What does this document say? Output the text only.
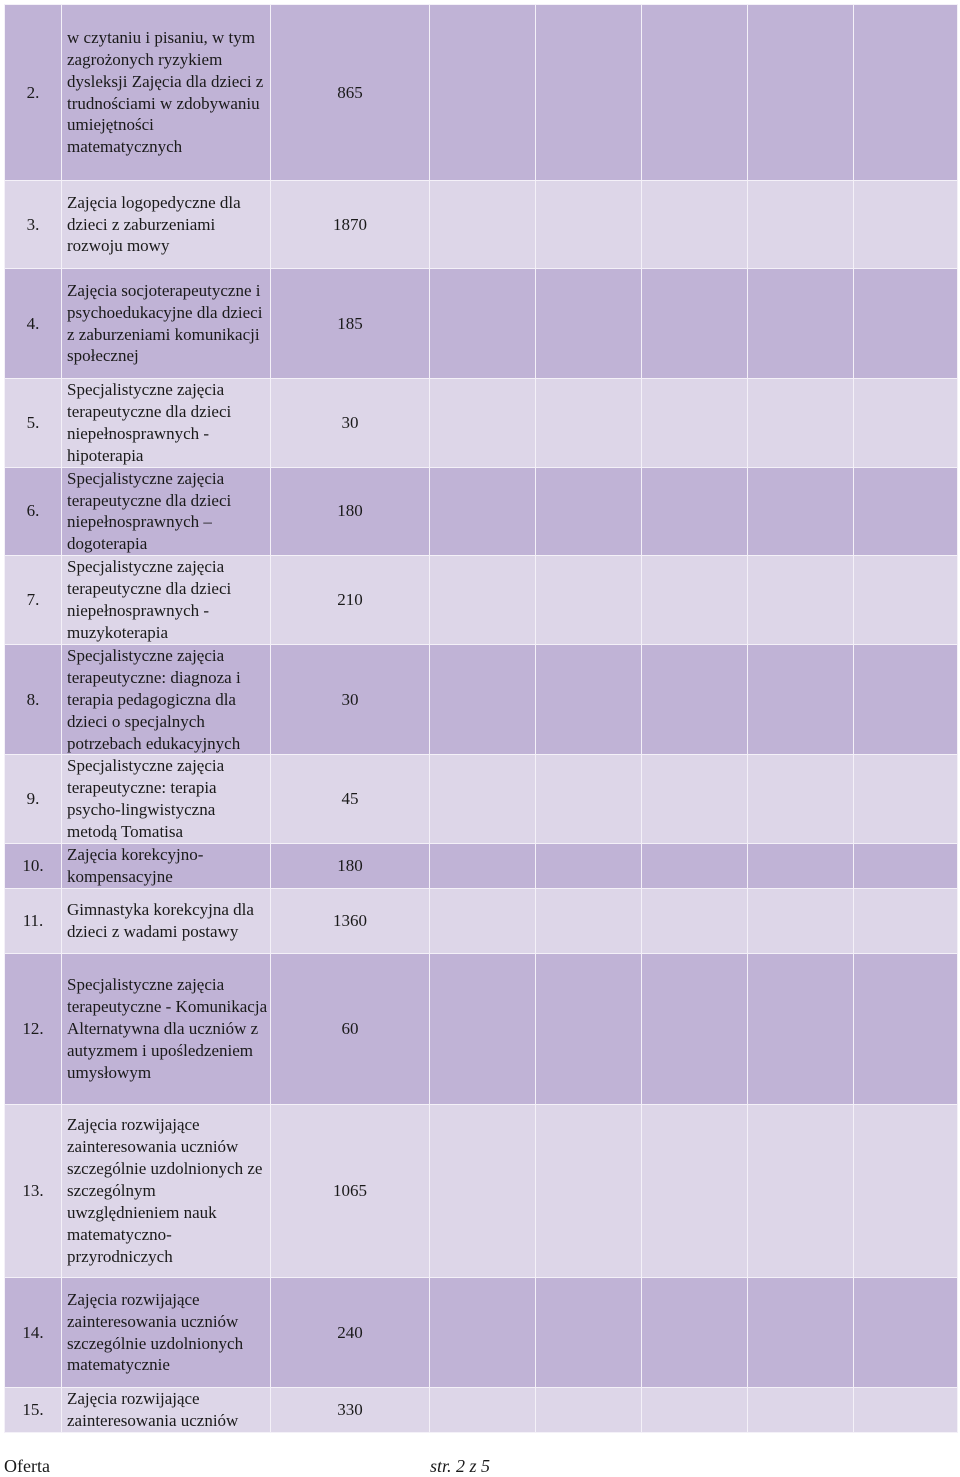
2.	w czytaniu i pisaniu, w tym zagrożonych ryzykiem dysleksji Zajęcia dla dzieci z trudnościami w zdobywaniu umiejętności matematycznych	865					
3.	Zajęcia logopedyczne dla dzieci z zaburzeniami rozwoju mowy	1870					
4.	Zajęcia socjoterapeutyczne i psychoedukacyjne dla dzieci z zaburzeniami komunikacji społecznej	185					
5.	Specjalistyczne zajęcia terapeutyczne dla dzieci niepełnosprawnych - hipoterapia	30					
6.	Specjalistyczne zajęcia terapeutyczne dla dzieci niepełnosprawnych – dogoterapia	180					
7.	Specjalistyczne zajęcia terapeutyczne dla dzieci niepełnosprawnych - muzykoterapia	210					
8.	Specjalistyczne zajęcia terapeutyczne: diagnoza i terapia pedagogiczna dla dzieci o specjalnych potrzebach edukacyjnych	30					
9.	Specjalistyczne zajęcia terapeutyczne: terapia psycho-lingwistyczna metodą Tomatisa	45					
10.	Zajęcia korekcyjno-kompensacyjne	180					
11.	Gimnastyka korekcyjna dla dzieci z wadami postawy	1360					
12.	Specjalistyczne zajęcia terapeutyczne - Komunikacja Alternatywna dla uczniów z autyzmem i upośledzeniem umysłowym	60					
13.	Zajęcia rozwijające zainteresowania uczniów szczególnie uzdolnionych ze szczególnym uwzględnieniem nauk matematyczno-przyrodniczych	1065					
14.	Zajęcia rozwijające zainteresowania uczniów szczególnie uzdolnionych matematycznie	240					
15.	Zajęcia rozwijające zainteresowania uczniów	330					
Oferta	str. 2 z 5
